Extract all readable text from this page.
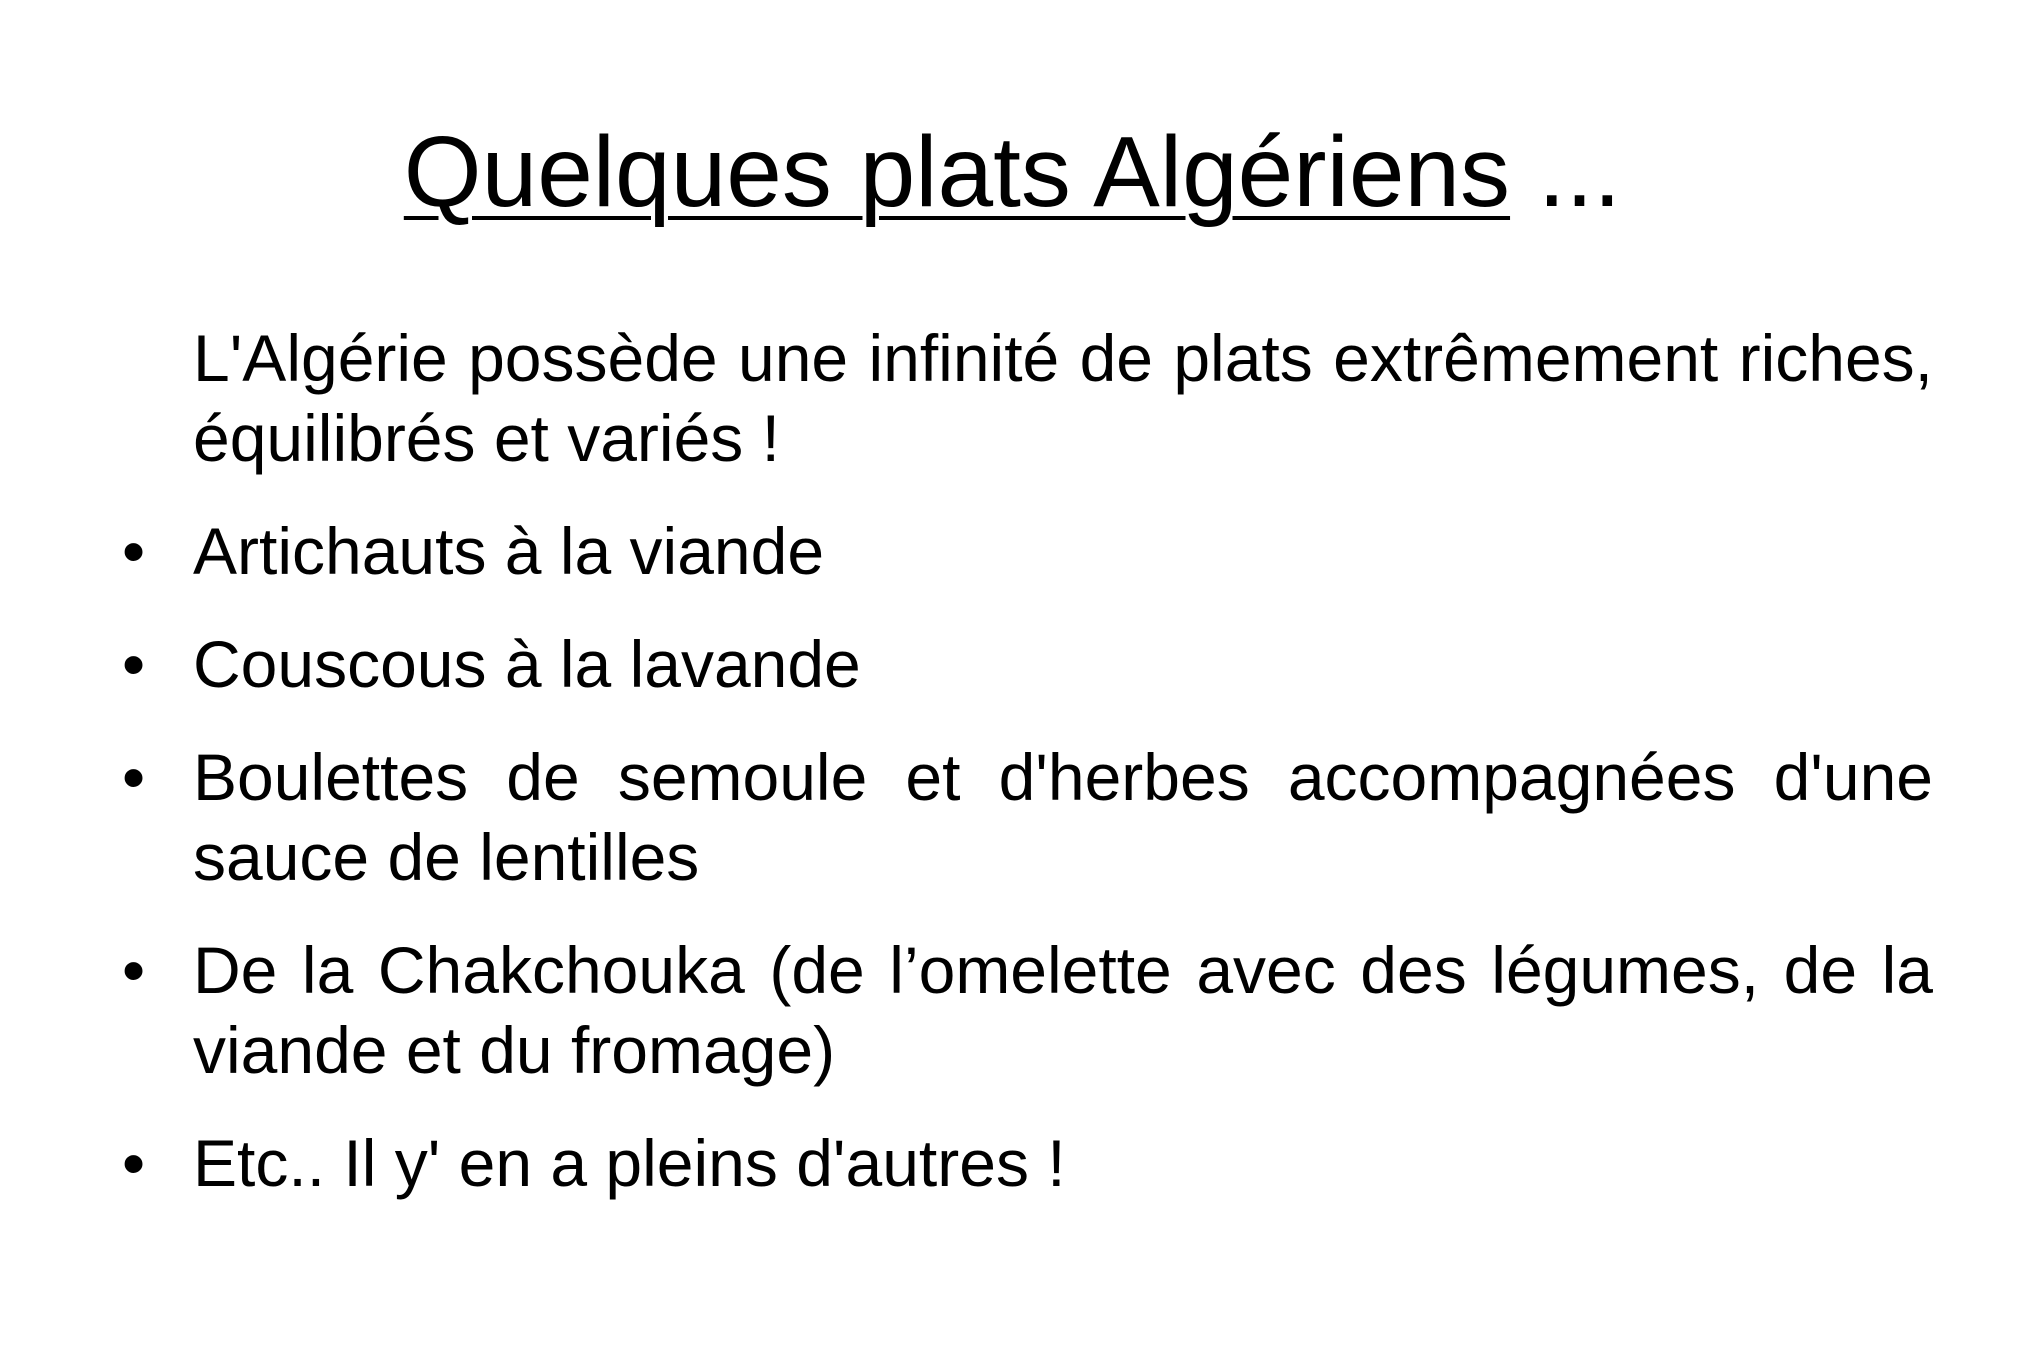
Quelques plats Algériens ...

L'Algérie possède une infinité de plats extrêmement riches, équilibrés et variés !

• Artichauts à la viande
• Couscous à la lavande
• Boulettes de semoule et d'herbes accompagnées d'une sauce de lentilles
• De la Chakchouka (de l’omelette avec des légumes, de la viande et du fromage)
• Etc.. Il y' en a pleins d'autres !
